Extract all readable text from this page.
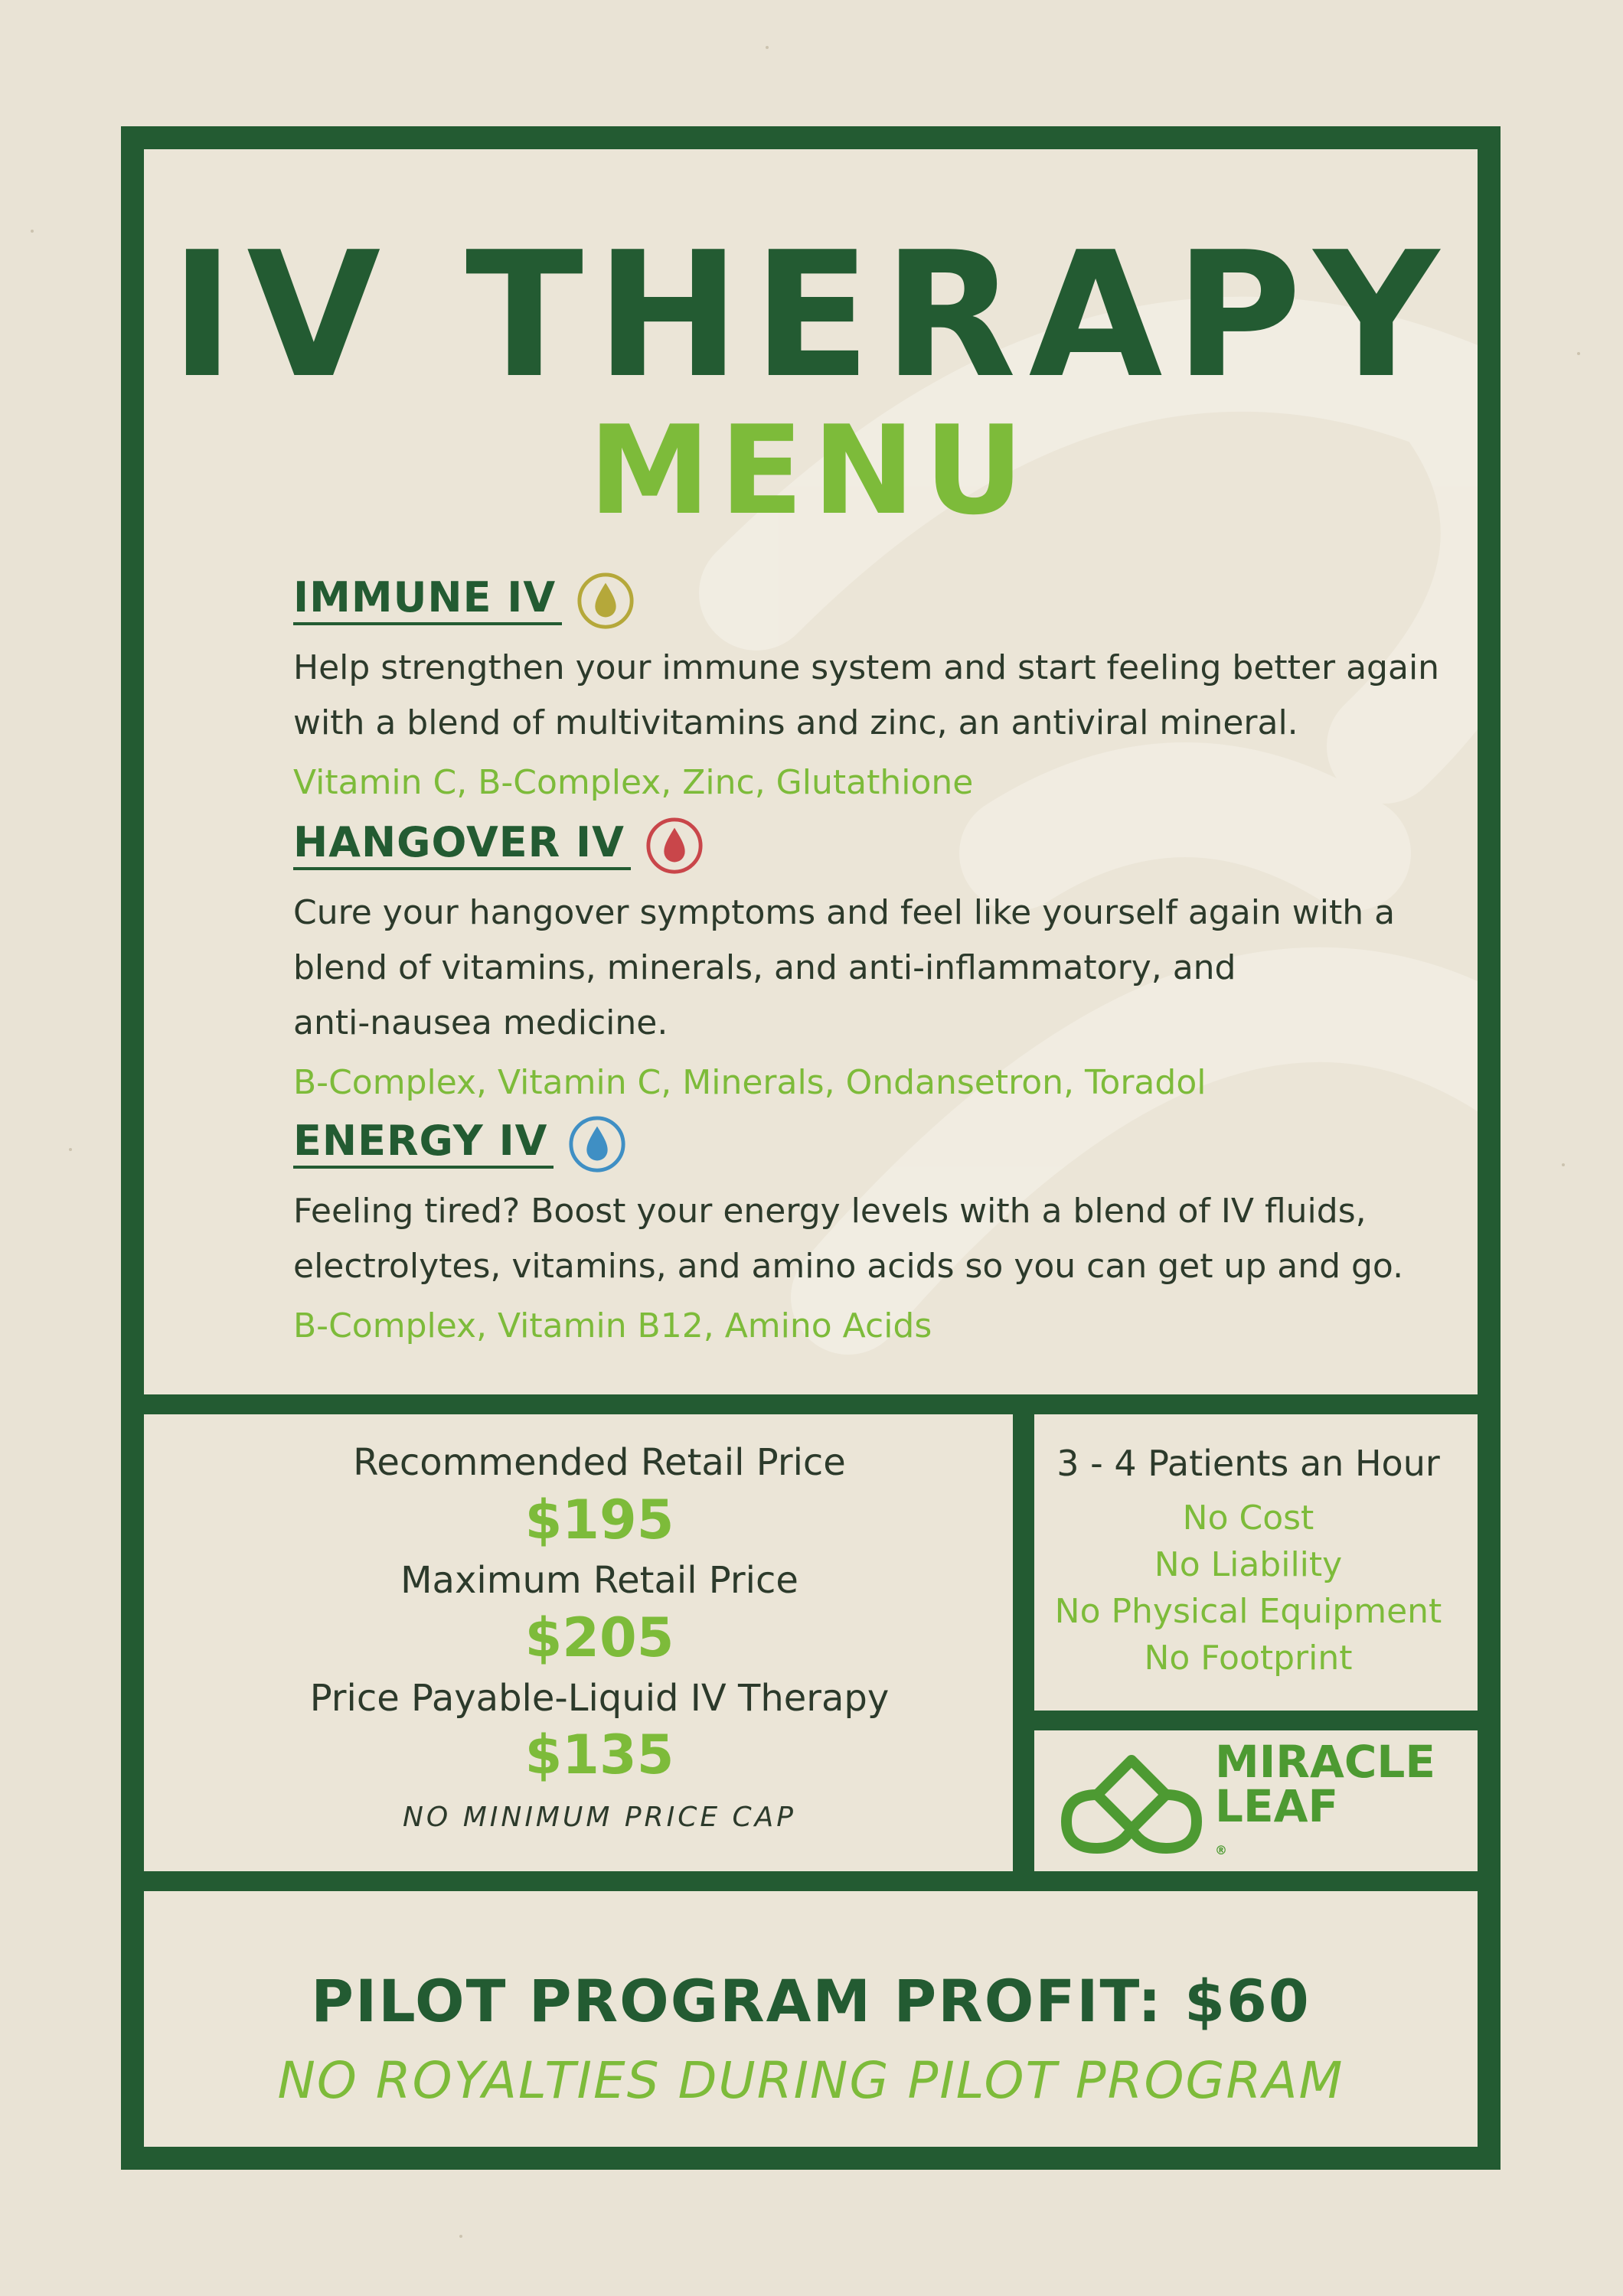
IV THERAPY
MENU
IMMUNE IV
Help strengthen your immune system and start feeling better again
with a blend of multivitamins and zinc, an antiviral mineral.
Vitamin C, B-Complex, Zinc, Glutathione
HANGOVER IV
Cure your hangover symptoms and feel like yourself again with a
blend of vitamins, minerals, and anti-inflammatory, and
anti-nausea medicine.
B-Complex, Vitamin C, Minerals, Ondansetron, Toradol
ENERGY IV
Feeling tired? Boost your energy levels with a blend of IV fluids,
electrolytes, vitamins, and amino acids so you can get up and go.
B-Complex, Vitamin B12, Amino Acids
Recommended Retail Price
$195
Maximum Retail Price
$205
Price Payable-Liquid IV Therapy
$135
NO MINIMUM PRICE CAP
3 - 4 Patients an Hour
No Cost
No Liability
No Physical Equipment
No Footprint
MIRACLE
LEAF
®
PILOT PROGRAM PROFIT: $60
NO ROYALTIES DURING PILOT PROGRAM
